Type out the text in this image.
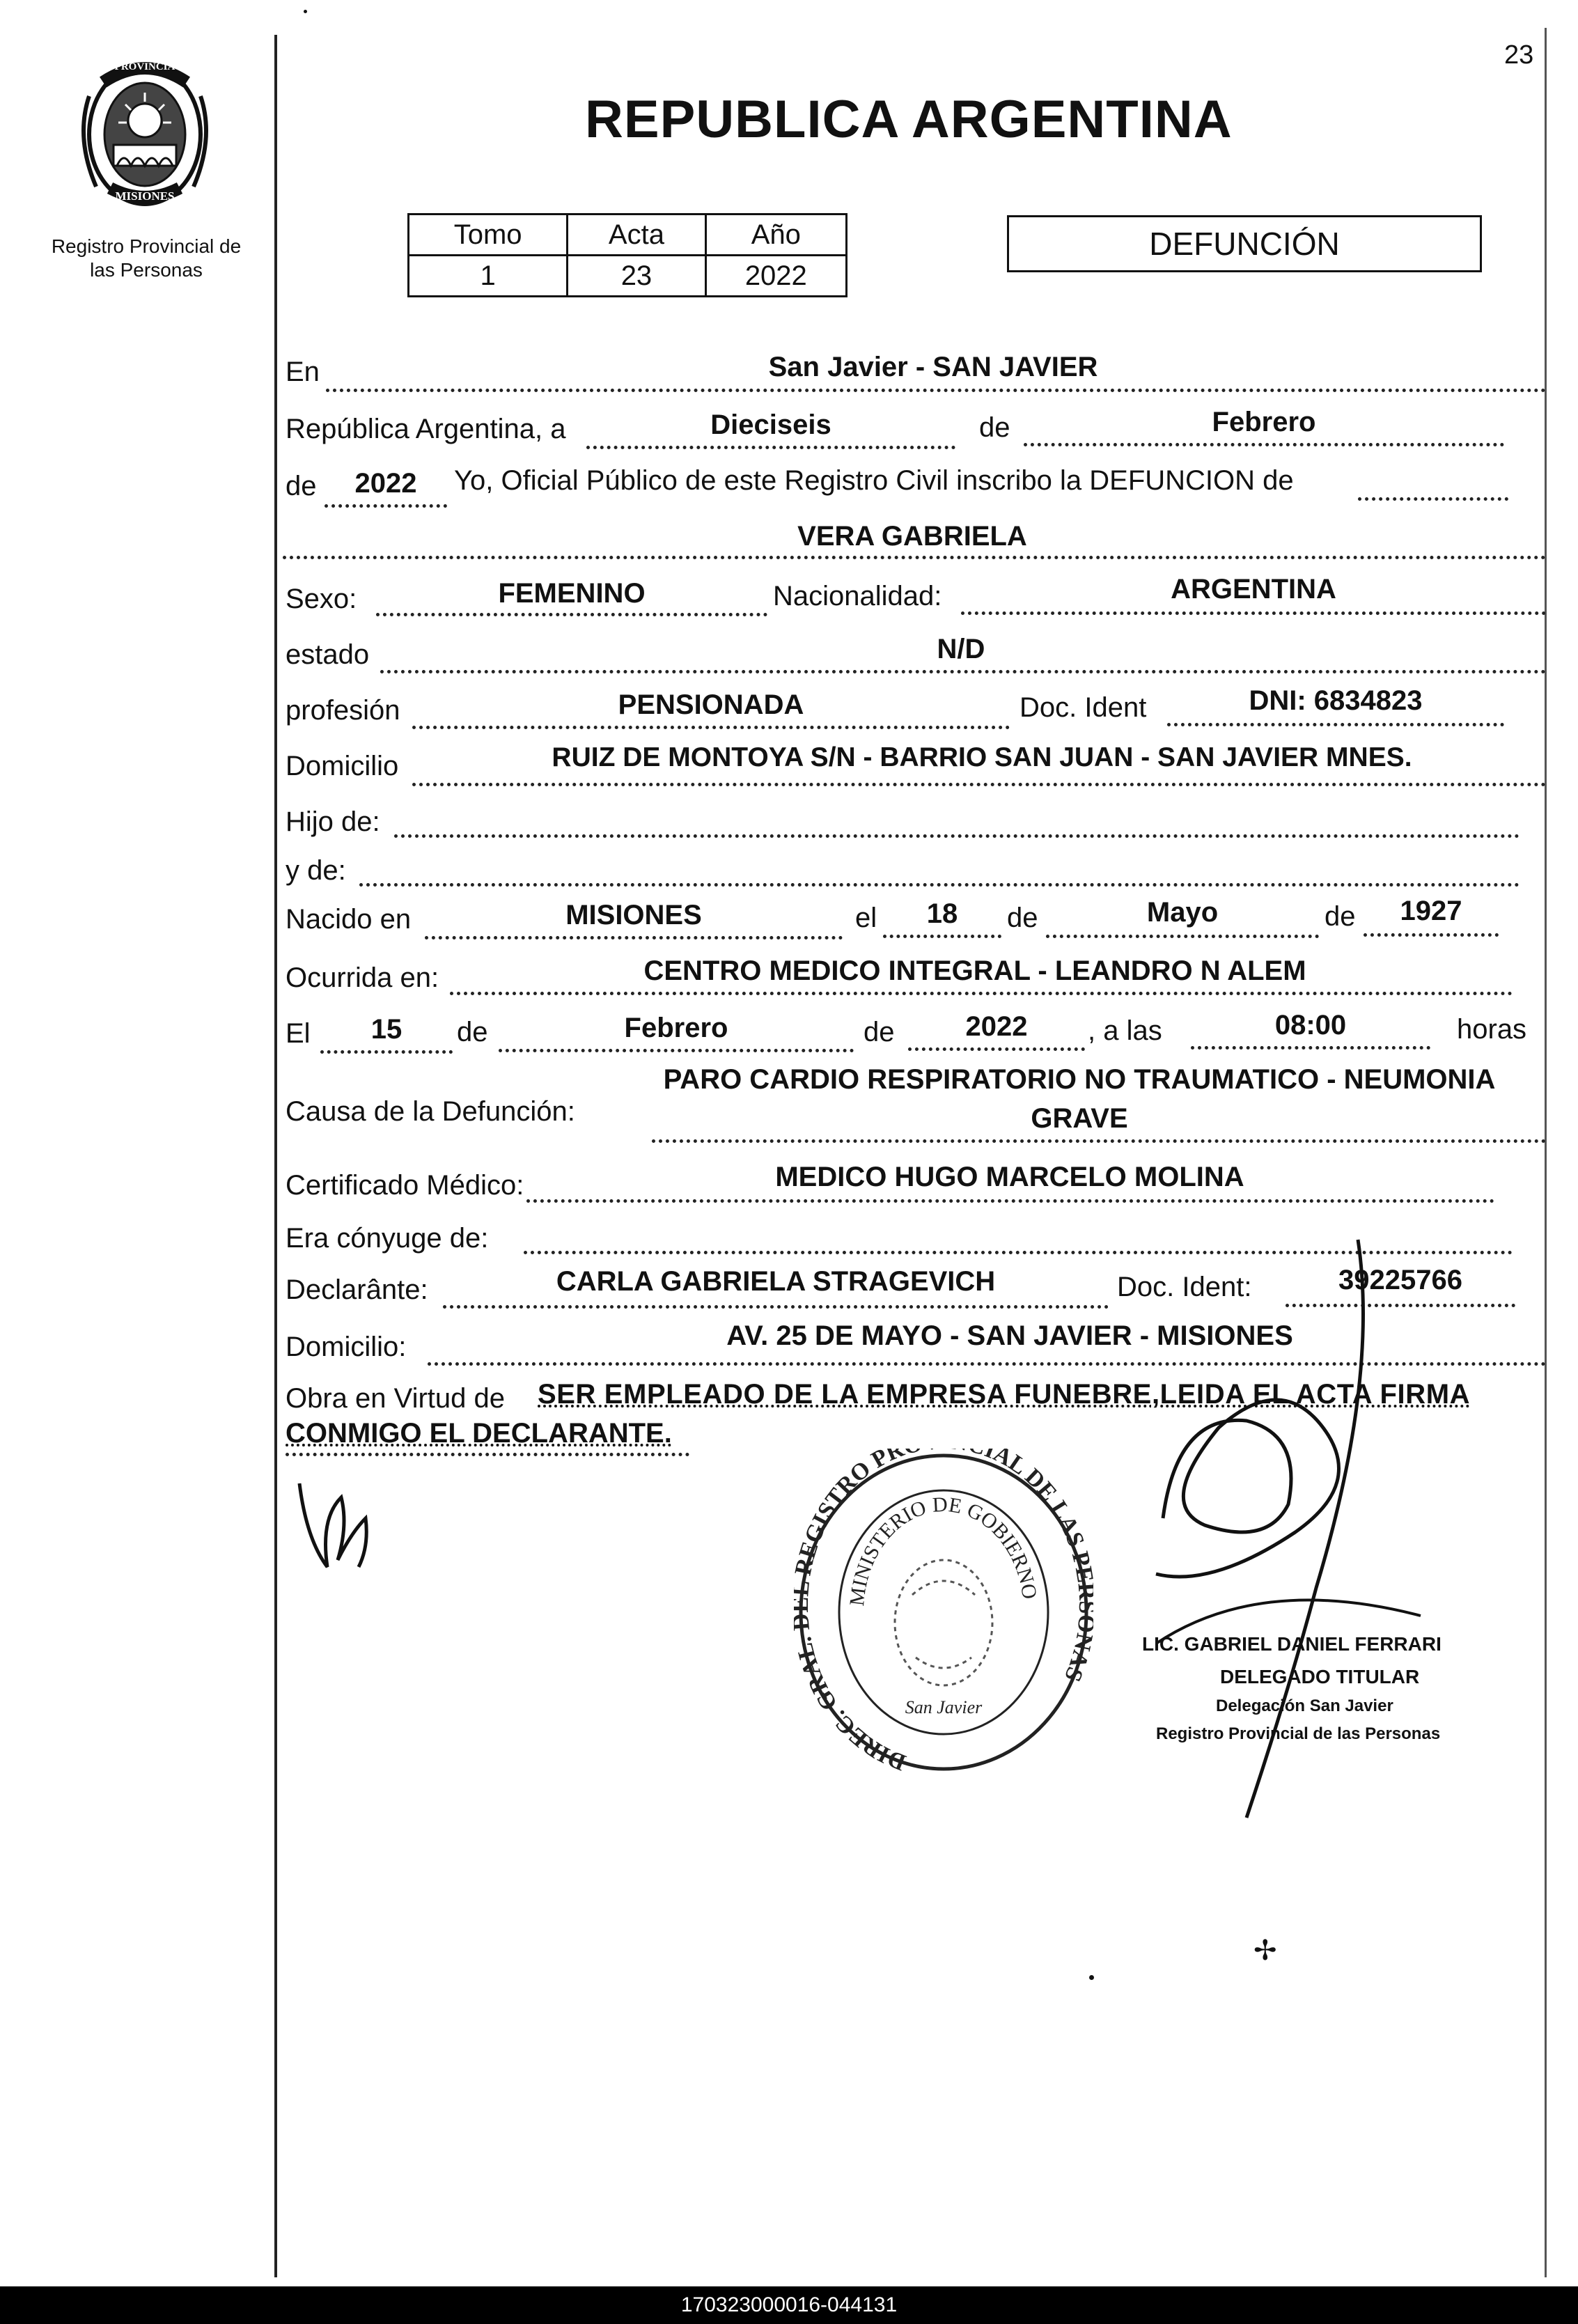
PROVINCIA DE
MISIONES
Registro Provincial de
las Personas
23
REPUBLICA ARGENTINA
Tomo	Acta	Año
1	23	2022
DEFUNCIÓN
En	San Javier - SAN JAVIER
República Argentina, a	Dieciseis	de	Febrero
de	2022	Yo, Oficial Público de este Registro Civil inscribo la DEFUNCION de
VERA GABRIELA
Sexo:	FEMENINO	Nacionalidad:	ARGENTINA
estado	N/D
profesión	PENSIONADA	Doc. Ident	DNI: 6834823
Domicilio	RUIZ DE MONTOYA S/N - BARRIO SAN JUAN - SAN JAVIER MNES.
Hijo de:
y de:
Nacido en	MISIONES	el	18	de	Mayo	de	1927
Ocurrida en:	CENTRO MEDICO INTEGRAL - LEANDRO N ALEM
El	15	de	Febrero	de	2022	, a las	08:00	horas
Causa de la Defunción:
PARO CARDIO RESPIRATORIO NO TRAUMATICO - NEUMONIA
GRAVE
Certificado Médico:	MEDICO HUGO MARCELO MOLINA
Era cónyuge de:
Declarânte:	CARLA GABRIELA STRAGEVICH	Doc. Ident:	39225766
Domicilio:	AV. 25 DE MAYO - SAN JAVIER - MISIONES
Obra en Virtud de SER EMPLEADO DE LA EMPRESA FUNEBRE,LEIDA EL ACTA FIRMA
CONMIGO EL DECLARANTE.
DIREC. GRAL EGISTRO PR IAL DE LAS P AS
MINISTERIO DE GOBIERNO
San Javier
LIC. GABRIEL DANIEL FERRARI
DELEGADO TITULAR
Delegación San Javier
Registro Provincial de las Personas
✢
170323000016-044131
